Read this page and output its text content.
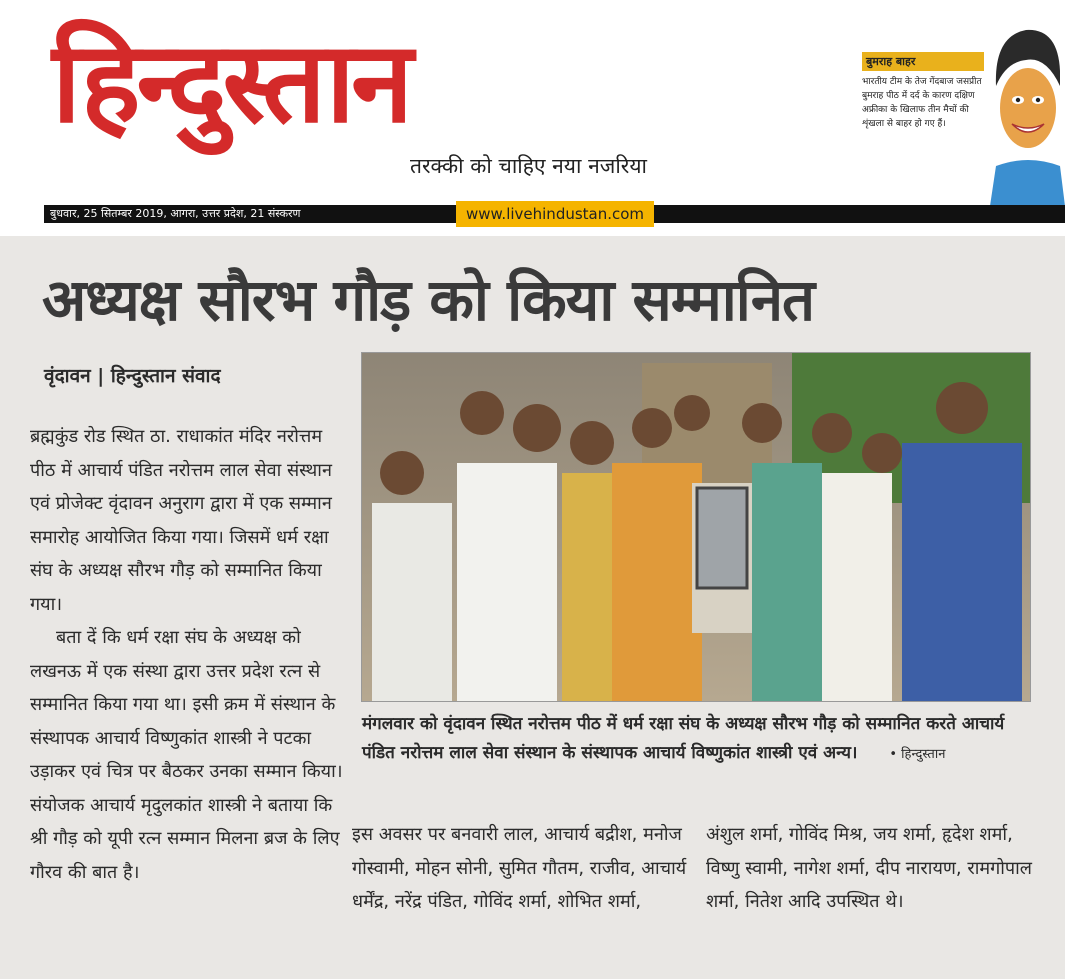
हिन्दुस्तान
तरक्की को चाहिए नया नजरिया
बुमराह बाहर
भारतीय टीम के तेज गेंदबाज जसप्रीत बुमराह पीठ में दर्द के कारण दक्षिण अफ्रीका के खिलाफ तीन मैचों की शृंखला से बाहर हो गए हैं।
बुधवार, 25 सितम्बर 2019, आगरा, उत्तर प्रदेश, 21 संस्करण	www.livehindustan.com
अध्यक्ष सौरभ गौड़ को किया सम्मानित
वृंदावन | हिन्दुस्तान संवाद

ब्रह्मकुंड रोड स्थित ठा. राधाकांत मंदिर नरोत्तम पीठ में आचार्य पंडित नरोत्तम लाल सेवा संस्थान एवं प्रोजेक्ट वृंदावन अनुराग द्वारा में एक सम्मान समारोह आयोजित किया गया। जिसमें धर्म रक्षा संघ के अध्यक्ष सौरभ गौड़ को सम्मानित किया गया।

बता दें कि धर्म रक्षा संघ के अध्यक्ष को लखनऊ में एक संस्था द्वारा उत्तर प्रदेश रत्न से सम्मानित किया गया था। इसी क्रम में संस्थान के संस्थापक आचार्य विष्णुकांत शास्त्री ने पटका उड़ाकर एवं चित्र पर बैठकर उनका सम्मान किया। संयोजक आचार्य मृदुलकांत शास्त्री ने बताया कि श्री गौड़ को यूपी रत्न सम्मान मिलना ब्रज के लिए गौरव की बात है।

मंगलवार को वृंदावन स्थित नरोत्तम पीठ में धर्म रक्षा संघ के अध्यक्ष सौरभ गौड़ को सम्मानित करते आचार्य पंडित नरोत्तम लाल सेवा संस्थान के संस्थापक आचार्य विष्णुकांत शास्त्री एवं अन्य। • हिन्दुस्तान
इस अवसर पर बनवारी लाल, आचार्य बद्रीश, मनोज गोस्वामी, मोहन सोनी, सुमित गौतम, राजीव, आचार्य धर्मेंद्र, नरेंद्र पंडित, गोविंद शर्मा, शोभित शर्मा,
अंशुल शर्मा, गोविंद मिश्र, जय शर्मा, हृदेश शर्मा, विष्णु स्वामी, नागेश शर्मा, दीप नारायण, रामगोपाल शर्मा, नितेश आदि उपस्थित थे।
